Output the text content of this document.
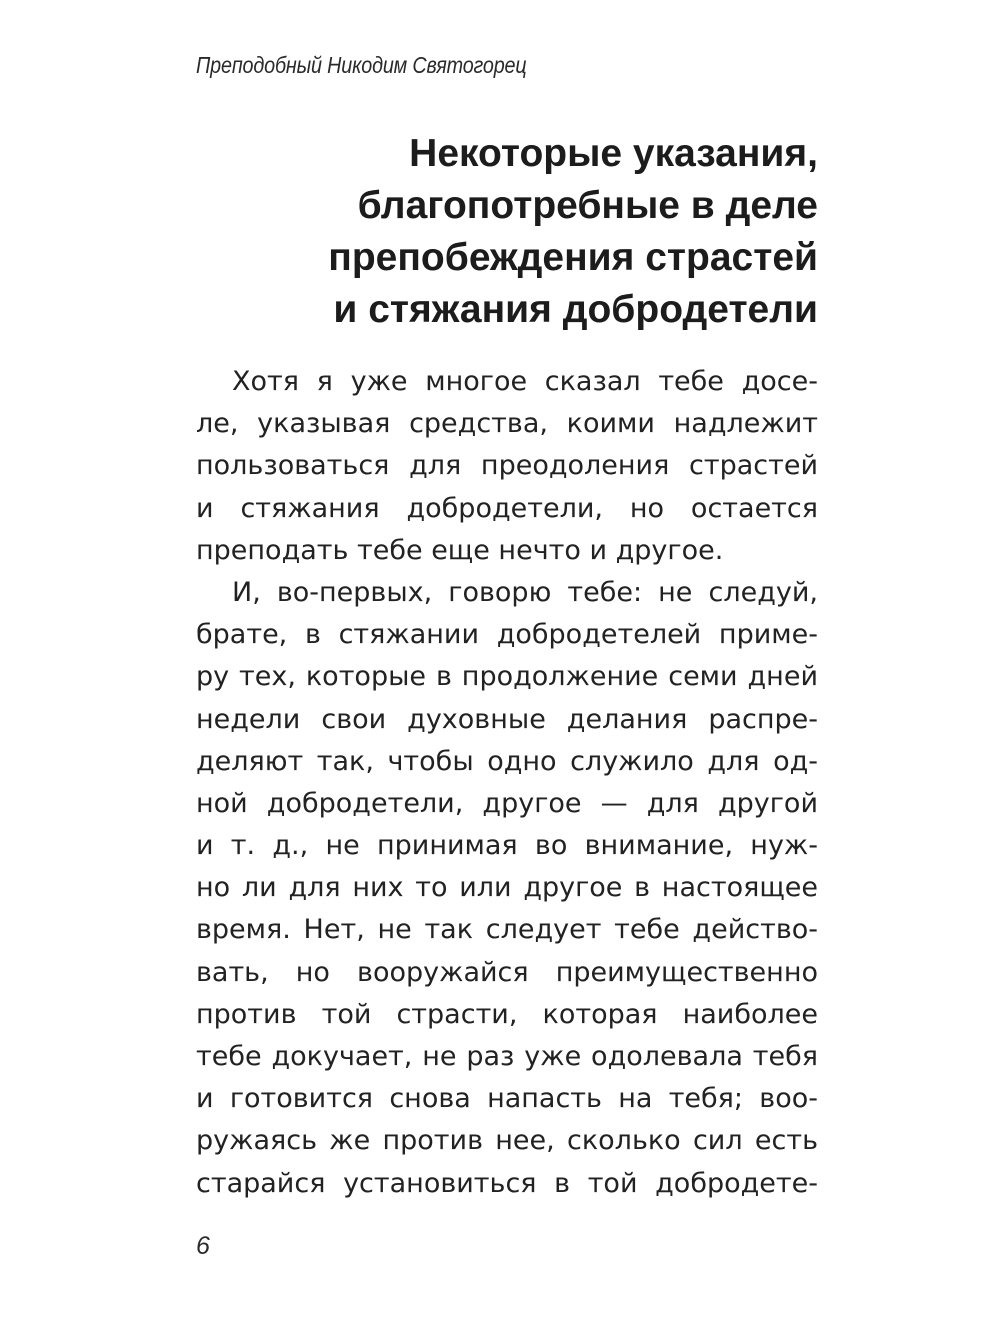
Преподобный Никодим Святогорец
Некоторые указания,
благопотребные в деле
препобеждения страстей
и стяжания добродетели
Хотя я уже многое сказал тебе досе-
ле, указывая средства, коими надлежит
пользоваться для преодоления страстей
и стяжания добродетели, но остается
преподать тебе еще нечто и другое.
И, во-первых, говорю тебе: не следуй,
брате, в стяжании добродетелей приме-
ру тех, которые в продолжение семи дней
недели свои духовные делания распре-
деляют так, чтобы одно служило для од-
ной добродетели, другое — для другой
и т. д., не принимая во внимание, нуж-
но ли для них то или другое в настоящее
время. Нет, не так следует тебе действо-
вать, но вооружайся преимущественно
против той страсти, которая наиболее
тебе докучает, не раз уже одолевала тебя
и готовится снова напасть на тебя; воо-
ружаясь же против нее, сколько сил есть
старайся установиться в той добродете-
6
